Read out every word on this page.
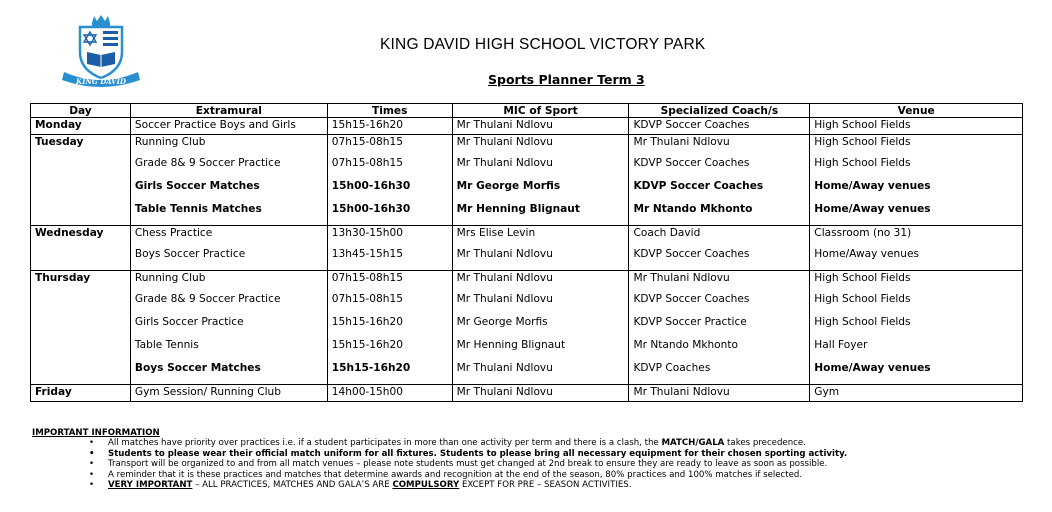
KING DAVID
KING DAVID HIGH SCHOOL VICTORY PARK
Sports Planner Term 3
Day	Extramural	Times	MIC of Sport	Specialized Coach/s	Venue
Monday	Soccer Practice Boys and Girls	15h15-16h20	Mr Thulani Ndlovu	KDVP Soccer Coaches	High School Fields
Tuesday	Running Club	07h15-08h15	Mr Thulani Ndlovu	Mr Thulani Ndlovu	High School Fields
	Grade 8& 9 Soccer Practice	07h15-08h15	Mr Thulani Ndlovu	KDVP Soccer Coaches	High School Fields
	Girls Soccer Matches	15h00-16h30	Mr George Morfis	KDVP Soccer Coaches	Home/Away venues
	Table Tennis Matches	15h00-16h30	Mr Henning Blignaut	Mr Ntando Mkhonto	Home/Away venues
Wednesday	Chess Practice	13h30-15h00	Mrs Elise Levin	Coach David	Classroom (no 31)
	Boys Soccer Practice	13h45-15h15	Mr Thulani Ndlovu	KDVP Soccer Coaches	Home/Away venues
Thursday	Running Club	07h15-08h15	Mr Thulani Ndlovu	Mr Thulani Ndlovu	High School Fields
	Grade 8& 9 Soccer Practice	07h15-08h15	Mr Thulani Ndlovu	KDVP Soccer Coaches	High School Fields
	Girls Soccer Practice	15h15-16h20	Mr George Morfis	KDVP Soccer Practice	High School Fields
	Table Tennis	15h15-16h20	Mr Henning Blignaut	Mr Ntando Mkhonto	Hall Foyer
	Boys Soccer Matches	15h15-16h20	Mr Thulani Ndlovu	KDVP Coaches	Home/Away venues
Friday	Gym Session/ Running Club	14h00-15h00	Mr Thulani Ndlovu	Mr Thulani Ndlovu	Gym
IMPORTANT INFORMATION
• All matches have priority over practices i.e. if a student participates in more than one activity per term and there is a clash, the MATCH/GALA takes precedence.
• Students to please wear their official match uniform for all fixtures. Students to please bring all necessary equipment for their chosen sporting activity.
• Transport will be organized to and from all match venues – please note students must get changed at 2nd break to ensure they are ready to leave as soon as possible.
• A reminder that it is these practices and matches that determine awards and recognition at the end of the season, 80% practices and 100% matches if selected.
• VERY IMPORTANT – ALL PRACTICES, MATCHES AND GALA’S ARE COMPULSORY EXCEPT FOR PRE – SEASON ACTIVITIES.
